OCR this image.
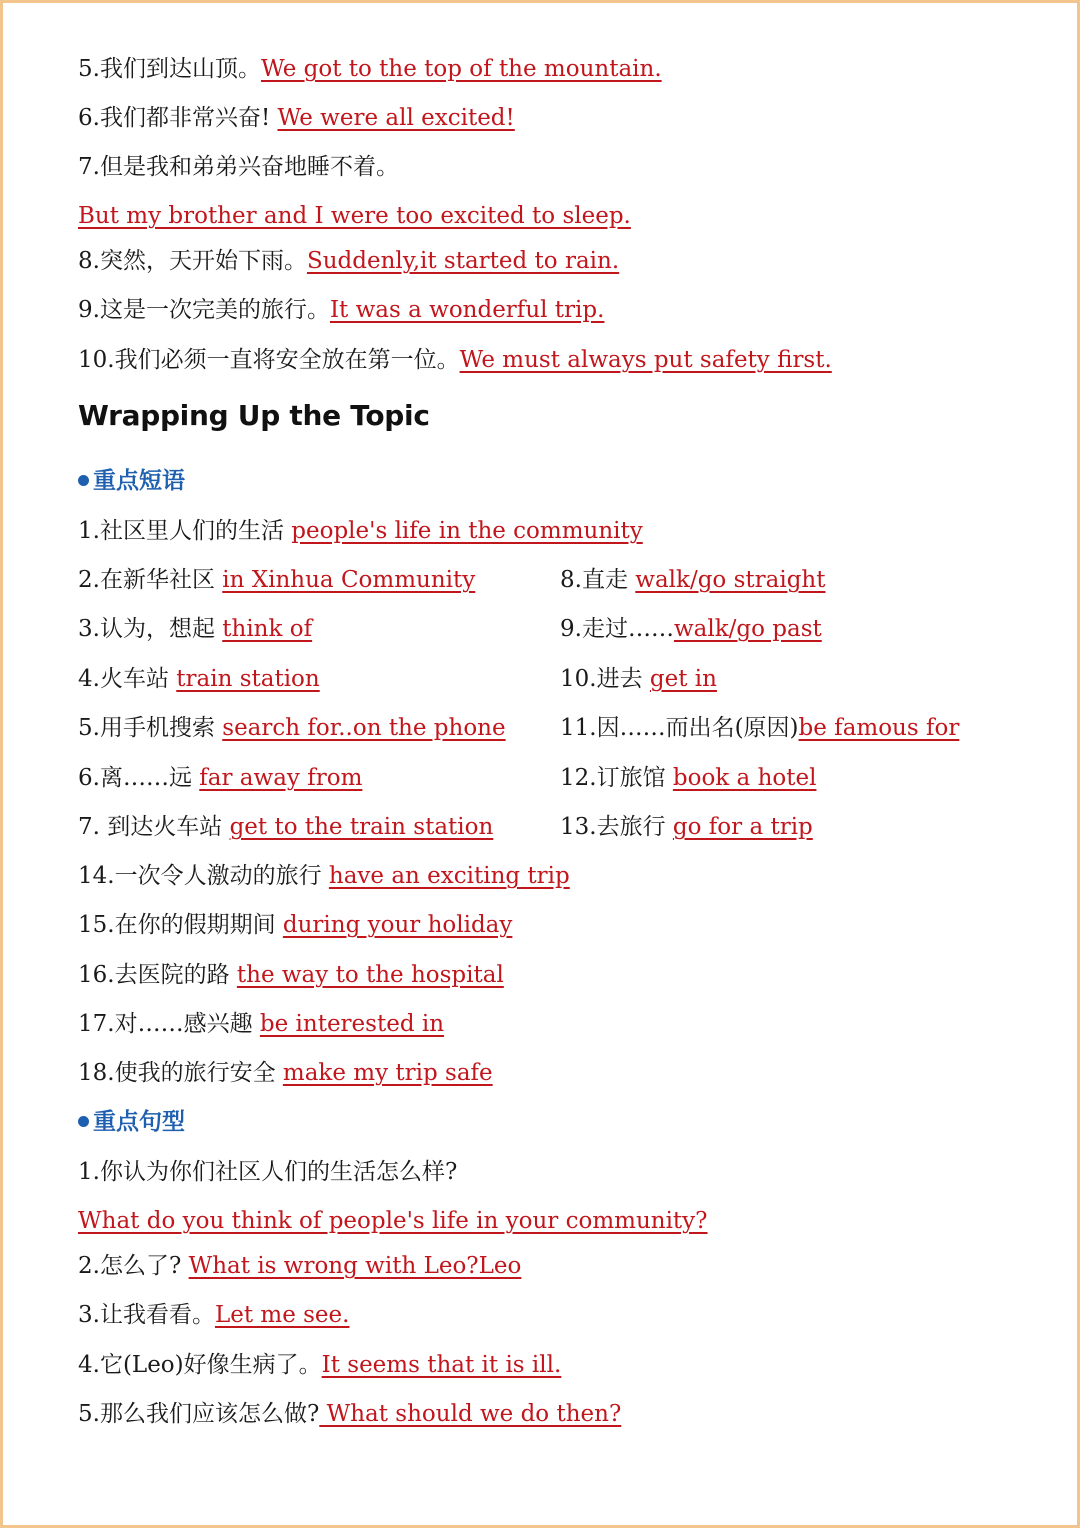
5.我们到达山顶。We got to the top of the mountain.
6.我们都非常兴奋! We were all excited!
7.但是我和弟弟兴奋地睡不着。
But my brother and I were too excited to sleep.
8.突然，天开始下雨。Suddenly,it started to rain.
9.这是一次完美的旅行。It was a wonderful trip.
10.我们必须一直将安全放在第一位。We must always put safety first.
Wrapping Up the Topic
重点短语
1.社区里人们的生活 people's life in the community
2.在新华社区 in Xinhua Community	8.直走 walk/go straight
3.认为，想起 think of	9.走过……walk/go past
4.火车站 train station	10.进去 get in
5.用手机搜索 search for..on the phone 11.因……而出名(原因)be famous for
6.离……远 far away from	12.订旅馆 book a hotel
7. 到达火车站 get to the train station	13.去旅行 go for a trip
14.一次令人激动的旅行 have an exciting trip
15.在你的假期期间 during your holiday
16.去医院的路 the way to the hospital
17.对……感兴趣 be interested in
18.使我的旅行安全 make my trip safe
重点句型
1.你认为你们社区人们的生活怎么样?
What do you think of people's life in your community?
2.怎么了? What is wrong with Leo?Leo
3.让我看看。Let me see.
4.它(Leo)好像生病了。It seems that it is ill.
5.那么我们应该怎么做? What should we do then?
